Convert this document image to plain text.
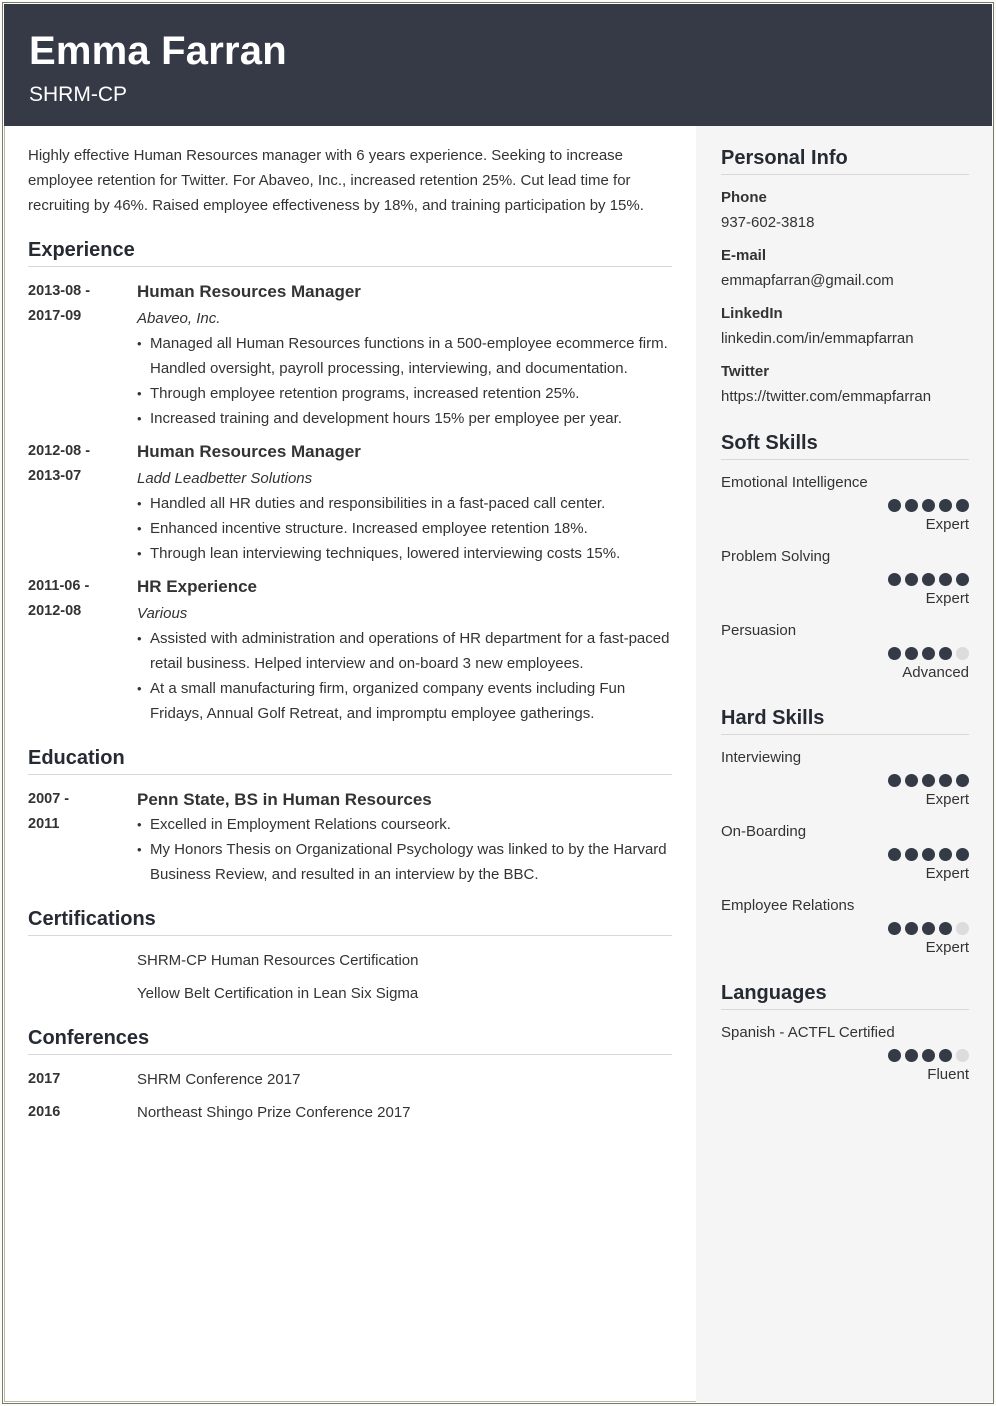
Emma Farran
SHRM-CP

Highly effective Human Resources manager with 6 years experience. Seeking to increase employee retention for Twitter. For Abaveo, Inc., increased retention 25%. Cut lead time for recruiting by 46%. Raised employee effectiveness by 18%, and training participation by 15%.

Experience
2013-08 -
2017-09
Human Resources Manager
Abaveo, Inc.
• Managed all Human Resources functions in a 500-employee ecommerce firm. Handled oversight, payroll processing, interviewing, and documentation.
• Through employee retention programs, increased retention 25%.
• Increased training and development hours 15% per employee per year.
2012-08 -
2013-07
Human Resources Manager
Ladd Leadbetter Solutions
• Handled all HR duties and responsibilities in a fast-paced call center.
• Enhanced incentive structure. Increased employee retention 18%.
• Through lean interviewing techniques, lowered interviewing costs 15%.
2011-06 -
2012-08
HR Experience
Various
• Assisted with administration and operations of HR department for a fast-paced retail business. Helped interview and on-board 3 new employees.
• At a small manufacturing firm, organized company events including Fun Fridays, Annual Golf Retreat, and impromptu employee gatherings.
Education
2007 -
2011
Penn State, BS in Human Resources
• Excelled in Employment Relations courseork.
• My Honors Thesis on Organizational Psychology was linked to by the Harvard Business Review, and resulted in an interview by the BBC.
Certifications
SHRM-CP Human Resources Certification
Yellow Belt Certification in Lean Six Sigma
Conferences
2017	SHRM Conference 2017
2016	Northeast Shingo Prize Conference 2017
Personal Info
Phone
937-602-3818
E-mail
emmapfarran@gmail.com
LinkedIn
linkedin.com/in/emmapfarran
Twitter
https://twitter.com/emmapfarran
Soft Skills
Emotional Intelligence
Expert
Problem Solving
Expert
Persuasion
Advanced
Hard Skills
Interviewing
Expert
On-Boarding
Expert
Employee Relations
Expert
Languages
Spanish - ACTFL Certified
Fluent
